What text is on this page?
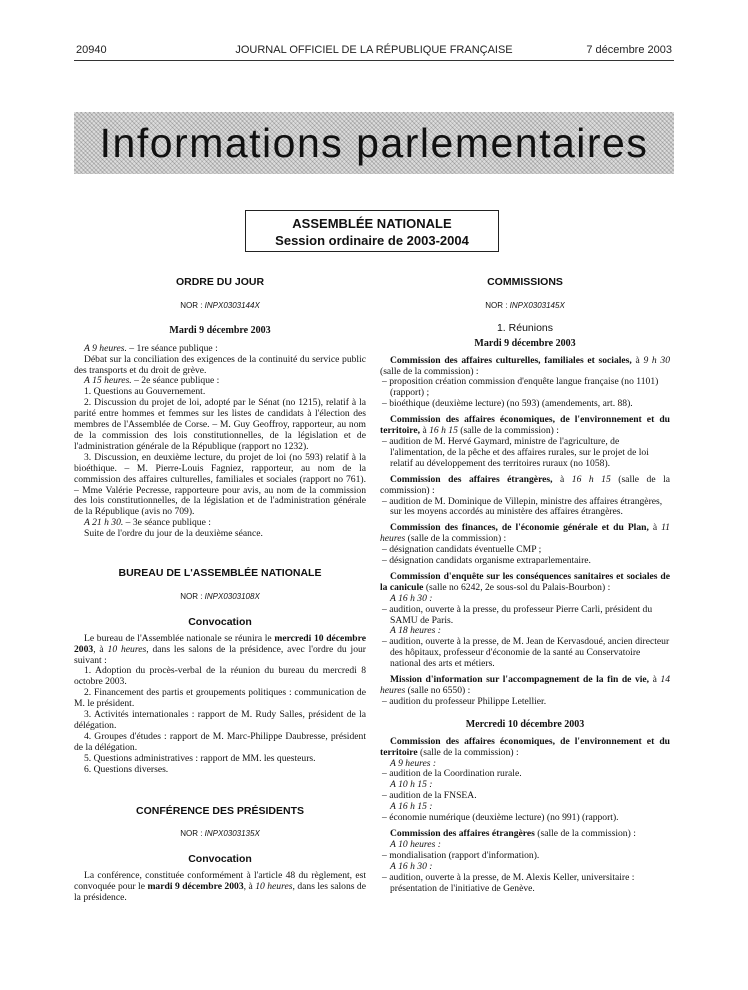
20940	JOURNAL OFFICIEL DE LA RÉPUBLIQUE FRANÇAISE	7 décembre 2003
Informations parlementaires
ASSEMBLÉE NATIONALE
Session ordinaire de 2003-2004
ORDRE DU JOUR
NOR : INPX0303144X
Mardi 9 décembre 2003

A 9 heures. – 1re séance publique :

Débat sur la conciliation des exigences de la continuité du service public des transports et du droit de grève.

A 15 heures. – 2e séance publique :

1. Questions au Gouvernement.

2. Discussion du projet de loi, adopté par le Sénat (no 1215), relatif à la parité entre hommes et femmes sur les listes de candidats à l'élection des membres de l'Assemblée de Corse. – M. Guy Geoffroy, rapporteur, au nom de la commission des lois constitutionnelles, de la législation et de l'administration générale de la République (rapport no 1232).

3. Discussion, en deuxième lecture, du projet de loi (no 593) relatif à la bioéthique. – M. Pierre-Louis Fagniez, rapporteur, au nom de la commission des affaires culturelles, familiales et sociales (rapport no 761). – Mme Valérie Pecresse, rapporteure pour avis, au nom de la commission des lois constitutionnelles, de la législation et de l'administration générale de la République (avis no 709).

A 21 h 30. – 3e séance publique :

Suite de l'ordre du jour de la deuxième séance.

BUREAU DE L'ASSEMBLÉE NATIONALE
NOR : INPX0303108X
Convocation

Le bureau de l'Assemblée nationale se réunira le mercredi 10 décembre 2003, à 10 heures, dans les salons de la présidence, avec l'ordre du jour suivant :

1. Adoption du procès-verbal de la réunion du bureau du mercredi 8 octobre 2003.

2. Financement des partis et groupements politiques : communication de M. le président.

3. Activités internationales : rapport de M. Rudy Salles, président de la délégation.

4. Groupes d'études : rapport de M. Marc-Philippe Daubresse, président de la délégation.

5. Questions administratives : rapport de MM. les questeurs.

6. Questions diverses.

CONFÉRENCE DES PRÉSIDENTS
NOR : INPX0303135X
Convocation

La conférence, constituée conformément à l'article 48 du règlement, est convoquée pour le mardi 9 décembre 2003, à 10 heures, dans les salons de la présidence.

COMMISSIONS
NOR : INPX0303145X
1. Réunions
Mardi 9 décembre 2003

Commission des affaires culturelles, familiales et sociales, à 9 h 30 (salle de la commission) :

– proposition création commission d'enquête langue française (no 1101) (rapport) ;

– bioéthique (deuxième lecture) (no 593) (amendements, art. 88).

Commission des affaires économiques, de l'environnement et du territoire, à 16 h 15 (salle de la commission) :

– audition de M. Hervé Gaymard, ministre de l'agriculture, de l'alimentation, de la pêche et des affaires rurales, sur le projet de loi relatif au développement des territoires ruraux (no 1058).

Commission des affaires étrangères, à 16 h 15 (salle de la commission) :

– audition de M. Dominique de Villepin, ministre des affaires étrangères, sur les moyens accordés au ministère des affaires étrangères.

Commission des finances, de l'économie générale et du Plan, à 11 heures (salle de la commission) :

– désignation candidats éventuelle CMP ;

– désignation candidats organisme extraparlementaire.

Commission d'enquête sur les conséquences sanitaires et sociales de la canicule (salle no 6242, 2e sous-sol du Palais-Bourbon) :

A 16 h 30 :

– audition, ouverte à la presse, du professeur Pierre Carli, président du SAMU de Paris.

A 18 heures :

– audition, ouverte à la presse, de M. Jean de Kervasdoué, ancien directeur des hôpitaux, professeur d'économie de la santé au Conservatoire national des arts et métiers.

Mission d'information sur l'accompagnement de la fin de vie, à 14 heures (salle no 6550) :

– audition du professeur Philippe Letellier.

Mercredi 10 décembre 2003

Commission des affaires économiques, de l'environnement et du territoire (salle de la commission) :

A 9 heures :

– audition de la Coordination rurale.

A 10 h 15 :

– audition de la FNSEA.

A 16 h 15 :

– économie numérique (deuxième lecture) (no 991) (rapport).

Commission des affaires étrangères (salle de la commission) :

A 10 heures :

– mondialisation (rapport d'information).

A 16 h 30 :

– audition, ouverte à la presse, de M. Alexis Keller, universitaire : présentation de l'initiative de Genève.
